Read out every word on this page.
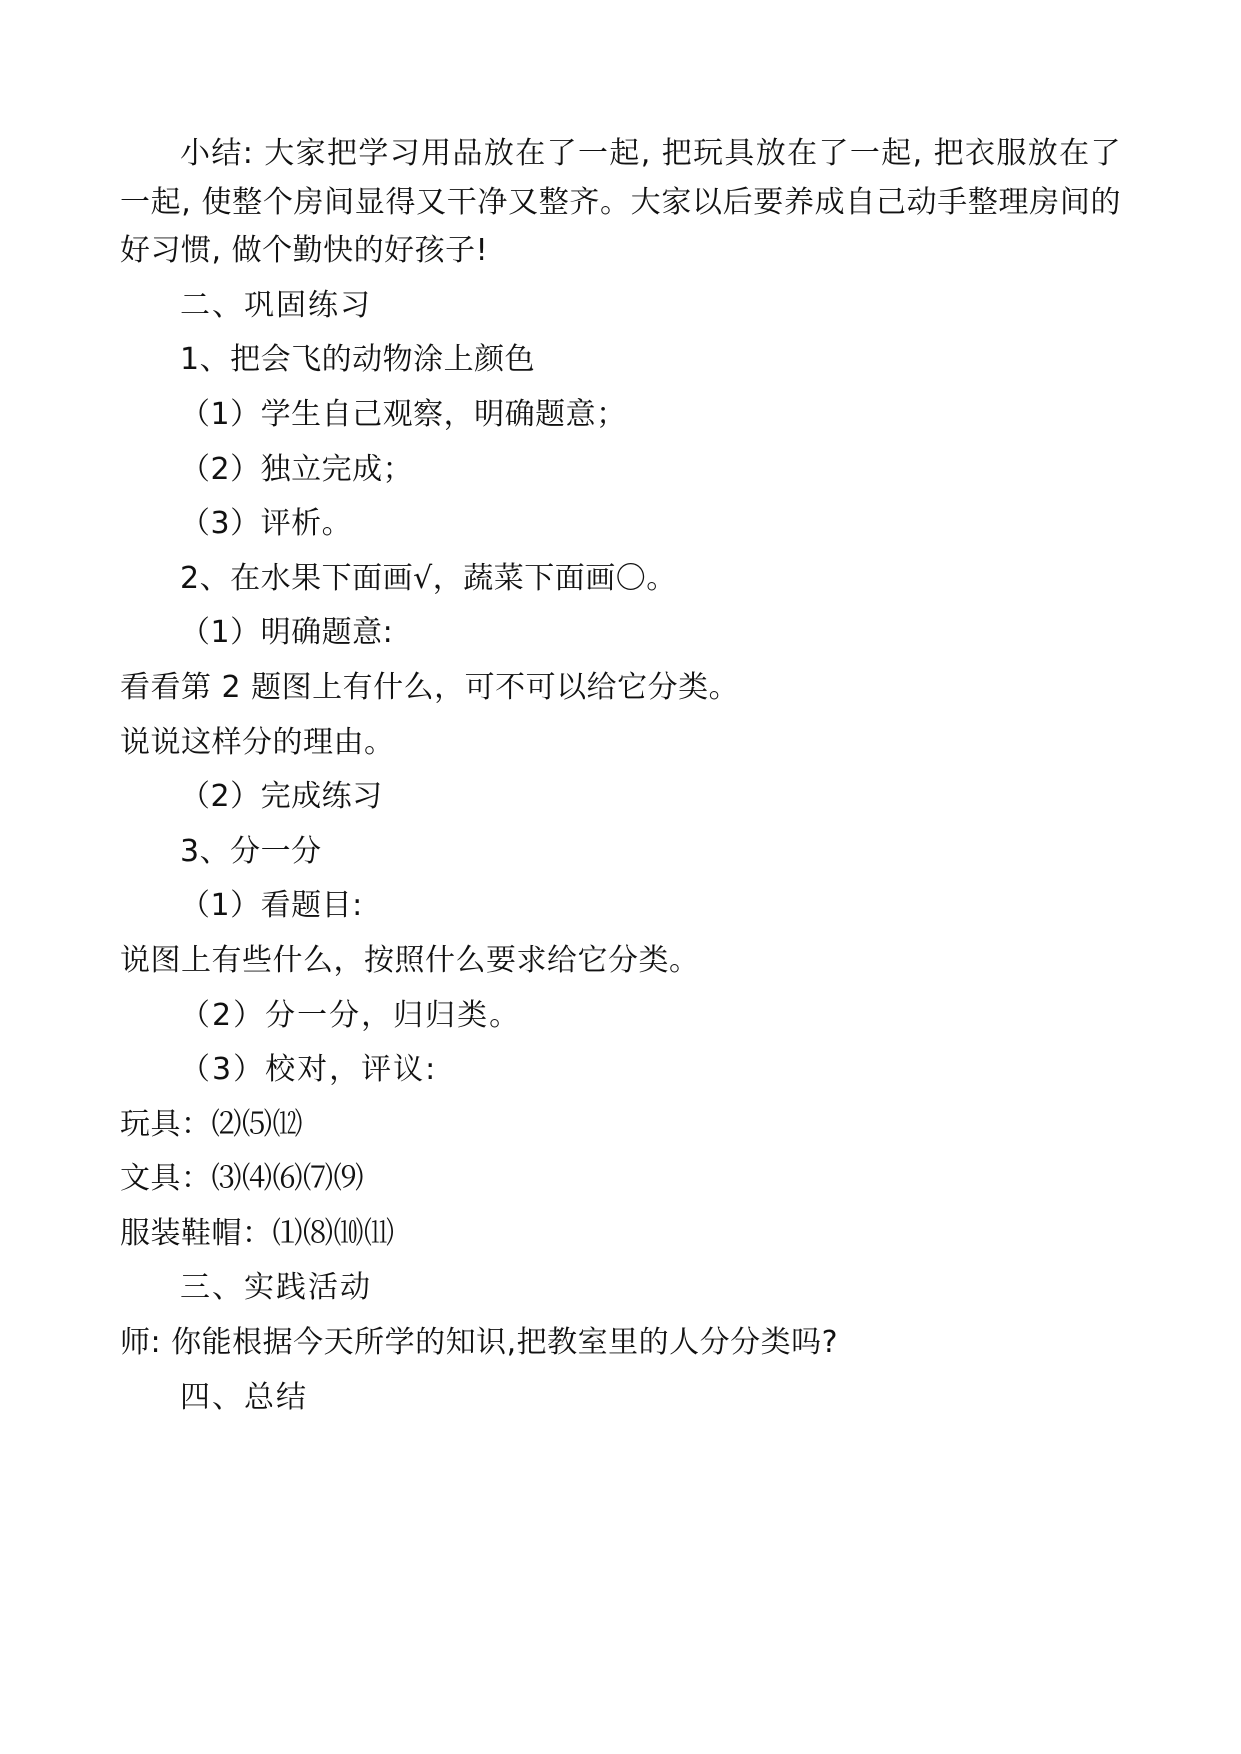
小结: 大家把学习用品放在了一起, 把玩具放在了一起, 把衣服放在了一起, 使整个房间显得又干净又整齐。大家以后要养成自己动手整理房间的好习惯, 做个勤快的好孩子!

二、巩固练习

1、把会飞的动物涂上颜色

（1）学生自己观察，明确题意；

（2）独立完成；

（3）评析。

2、在水果下面画√，蔬菜下面画〇。

（1）明确题意:

看看第 2 题图上有什么，可不可以给它分类。

说说这样分的理由。

（2）完成练习

3、分一分

（1）看题目:

说图上有些什么，按照什么要求给它分类。

（2）分一分，归归类。

（3）校对，评议:

玩具：⑵⑸⑿

文具：⑶⑷⑹⑺⑼

服装鞋帽：⑴⑻⑽⑾

三、实践活动

师: 你能根据今天所学的知识,把教室里的人分分类吗?

四、总结
